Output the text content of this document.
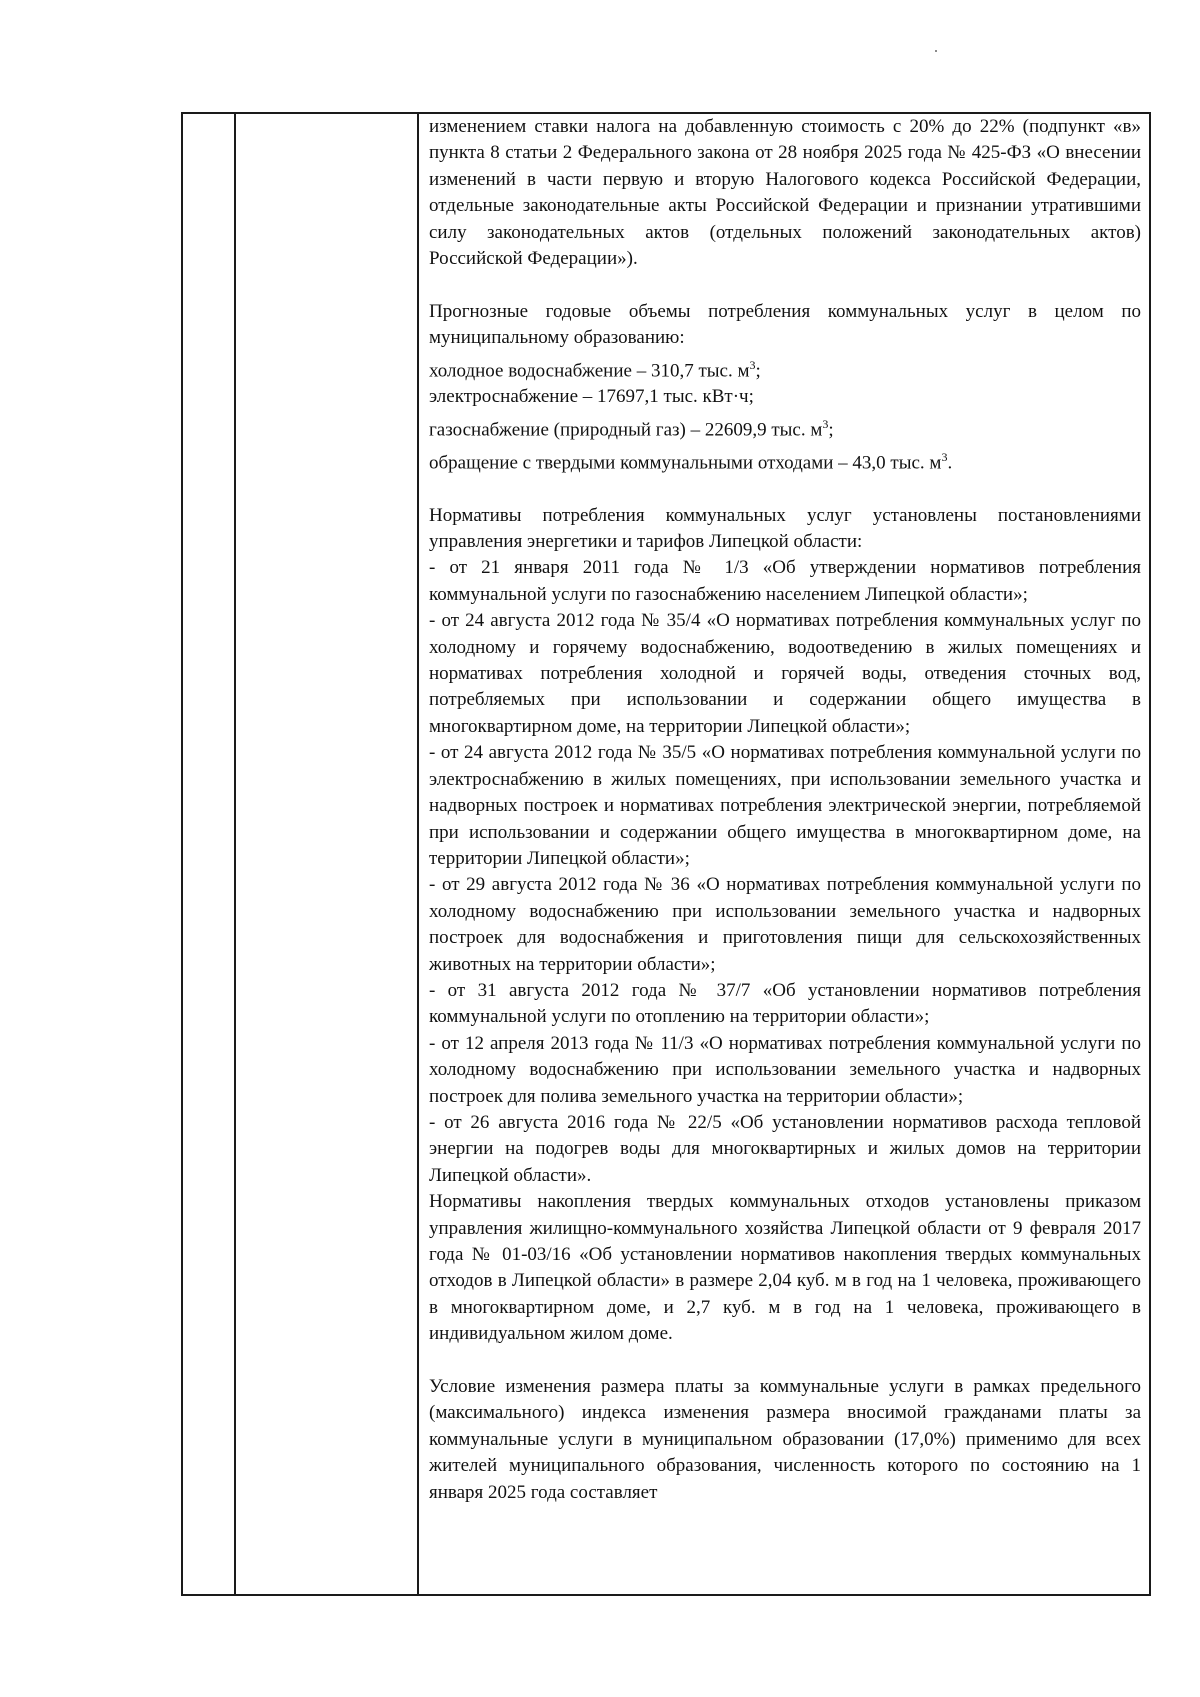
изменением ставки налога на добавленную стоимость с 20% до 22% (подпункт «в» пункта 8 статьи 2 Федерального закона от 28 ноября 2025 года № 425-ФЗ «О внесении изменений в части первую и вторую Налогового кодекса Российской Федерации, отдельные законодательные акты Российской Федерации и признании утратившими силу законодательных актов (отдельных положений законодательных актов) Российской Федерации»).

Прогнозные годовые объемы потребления коммунальных услуг в целом по муниципальному образованию:

холодное водоснабжение – 310,7 тыс. $м^3$;

электроснабжение – 17697,1 тыс. кВт·ч;

газоснабжение (природный газ) – 22609,9 тыс. $м^3$;

обращение с твердыми коммунальными отходами – 43,0 тыс. $м^3$.

Нормативы потребления коммунальных услуг установлены постановлениями управления энергетики и тарифов Липецкой области:

- от 21 января 2011 года № 1/3 «Об утверждении нормативов потребления коммунальной услуги по газоснабжению населением Липецкой области»;

- от 24 августа 2012 года № 35/4 «О нормативах потребления коммунальных услуг по холодному и горячему водоснабжению, водоотведению в жилых помещениях и нормативах потребления холодной и горячей воды, отведения сточных вод, потребляемых при использовании и содержании общего имущества в многоквартирном доме, на территории Липецкой области»;

- от 24 августа 2012 года № 35/5 «О нормативах потребления коммунальной услуги по электроснабжению в жилых помещениях, при использовании земельного участка и надворных построек и нормативах потребления электрической энергии, потребляемой при использовании и содержании общего имущества в многоквартирном доме, на территории Липецкой области»;

- от 29 августа 2012 года № 36 «О нормативах потребления коммунальной услуги по холодному водоснабжению при использовании земельного участка и надворных построек для водоснабжения и приготовления пищи для сельскохозяйственных животных на территории области»;

- от 31 августа 2012 года № 37/7 «Об установлении нормативов потребления коммунальной услуги по отоплению на территории области»;

- от 12 апреля 2013 года № 11/3 «О нормативах потребления коммунальной услуги по холодному водоснабжению при использовании земельного участка и надворных построек для полива земельного участка на территории области»;

- от 26 августа 2016 года № 22/5 «Об установлении нормативов расхода тепловой энергии на подогрев воды для многоквартирных и жилых домов на территории Липецкой области».

Нормативы накопления твердых коммунальных отходов установлены приказом управления жилищно-коммунального хозяйства Липецкой области от 9 февраля 2017 года № 01-03/16 «Об установлении нормативов накопления твердых коммунальных отходов в Липецкой области» в размере 2,04 куб. м в год на 1 человека, проживающего в многоквартирном доме, и 2,7 куб. м в год на 1 человека, проживающего в индивидуальном жилом доме.

Условие изменения размера платы за коммунальные услуги в рамках предельного (максимального) индекса изменения размера вносимой гражданами платы за коммунальные услуги в муниципальном образовании (17,0%) применимо для всех жителей муниципального образования, численность которого по состоянию на 1 января 2025 года составляет
